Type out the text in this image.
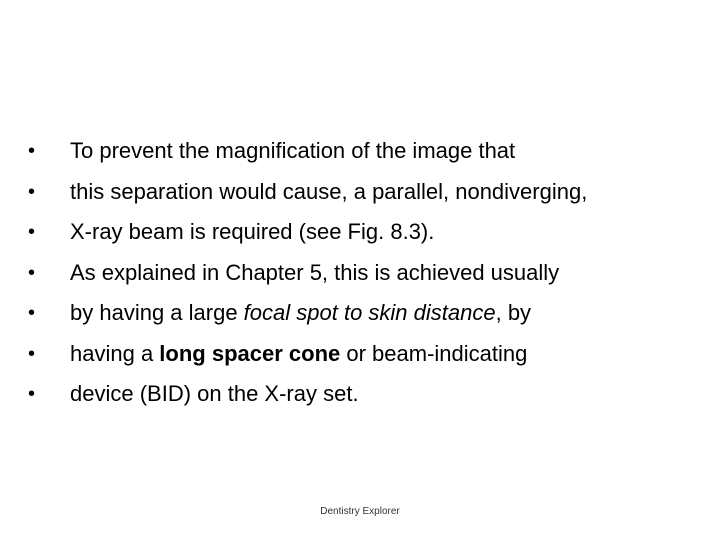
•	To prevent the magnification of the image that
•	this separation would cause, a parallel, nondiverging,
•	X-ray beam is required (see Fig. 8.3).
•	As explained in Chapter 5, this is achieved usually
•	by having a large focal spot to skin distance, by
•	having a long spacer cone or beam-indicating
•	device (BID) on the X-ray set.
Dentistry Explorer
